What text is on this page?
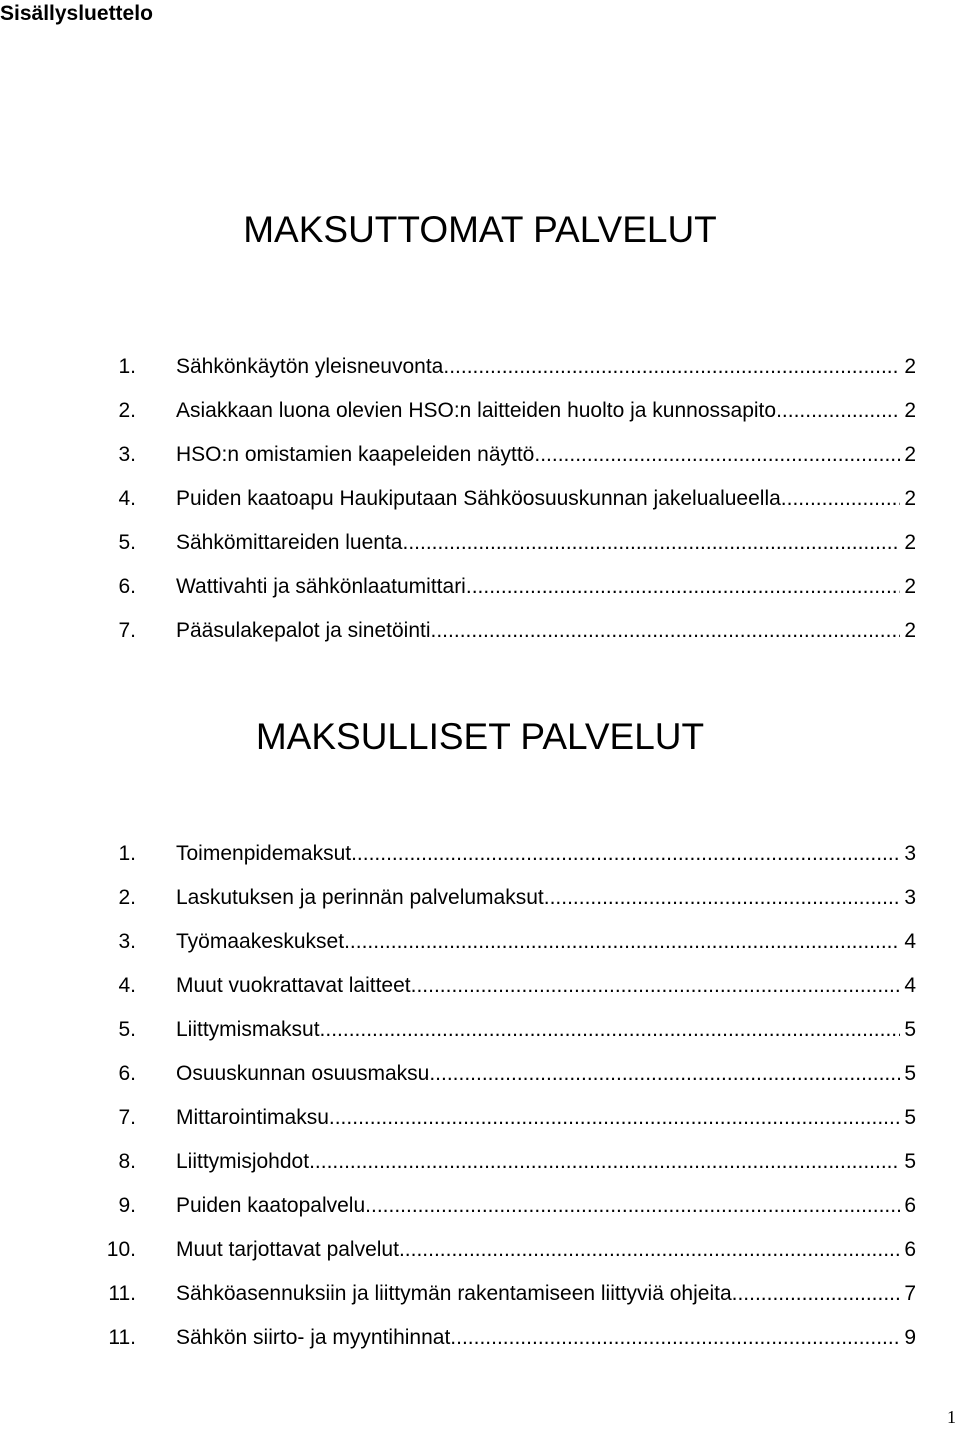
Sisällysluettelo
MAKSUTTOMAT PALVELUT
1. Sähkönkäytön yleisneuvonta .....	2
2. Asiakkaan luona olevien HSO:n laitteiden huolto ja kunnossapito .....	2
3. HSO:n omistamien kaapeleiden näyttö .....	2
4. Puiden kaatoapu Haukiputaan Sähköosuuskunnan jakelualueella .....	2
5. Sähkömittareiden luenta .....	2
6. Wattivahti ja sähkönlaatumittari .....	2
7. Pääsulakepalot ja sinetöinti .....	2
MAKSULLISET PALVELUT
1. Toimenpidemaksut .....	3
2. Laskutuksen ja perinnän palvelumaksut .....	3
3. Työmaakeskukset .....	4
4. Muut vuokrattavat laitteet .....	4
5. Liittymismaksut .....	5
6. Osuuskunnan osuusmaksu .....	5
7. Mittarointimaksu .....	5
8. Liittymisjohdot .....	5
9. Puiden kaatopalvelu .....	6
10. Muut tarjottavat palvelut .....	6
11. Sähköasennuksiin ja liittymän rakentamiseen liittyviä ohjeita .....	7
11. Sähkön siirto- ja myyntihinnat .....	9
1
